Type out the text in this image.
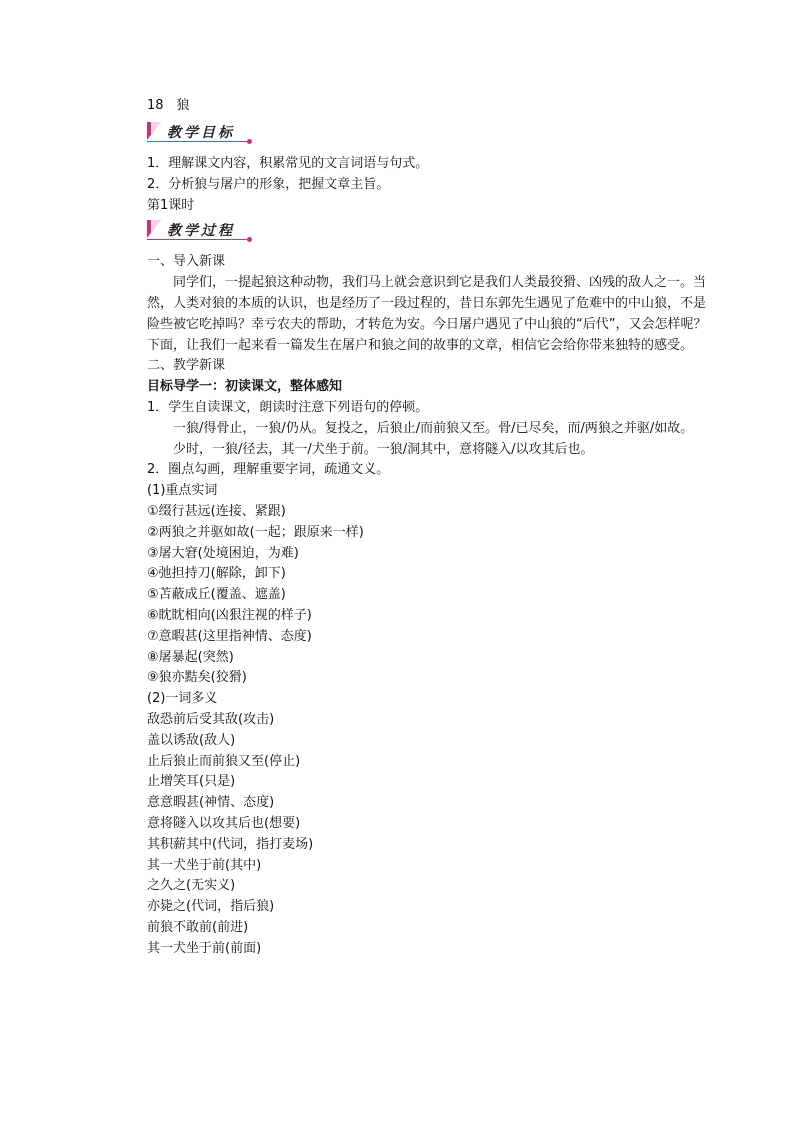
18　狼
教学目标
1．理解课文内容，积累常见的文言词语与句式。
2．分析狼与屠户的形象，把握文章主旨。
第1课时
教学过程
一、导入新课
同学们，一提起狼这种动物，我们马上就会意识到它是我们人类最狡猾、凶残的敌人之一。当然，人类对狼的本质的认识，也是经历了一段过程的，昔日东郭先生遇见了危难中的中山狼，不是险些被它吃掉吗？幸亏农夫的帮助，才转危为安。今日屠户遇见了中山狼的“后代”，又会怎样呢？下面，让我们一起来看一篇发生在屠户和狼之间的故事的文章，相信它会给你带来独特的感受。
二、教学新课
目标导学一：初读课文，整体感知
1．学生自读课文，朗读时注意下列语句的停顿。
一狼/得骨止，一狼/仍从。复投之，后狼止/而前狼又至。骨/已尽矣，而/两狼之并驱/如故。
少时，一狼/径去，其一/犬坐于前。一狼/洞其中，意将隧入/以攻其后也。
2．圈点勾画，理解重要字词，疏通文义。
(1)重点实词
①缀行甚远(连接、紧跟)
②两狼之并驱如故(一起；跟原来一样)
③屠大窘(处境困迫，为难)
④弛担持刀(解除，卸下)
⑤苫蔽成丘(覆盖、遮盖)
⑥眈眈相向(凶狠注视的样子)
⑦意暇甚(这里指神情、态度)
⑧屠暴起(突然)
⑨狼亦黠矣(狡猾)
(2)一词多义
敌恐前后受其敌(攻击)
盖以诱敌(敌人)
止后狼止而前狼又至(停止)
止增笑耳(只是)
意意暇甚(神情、态度)
意将隧入以攻其后也(想要)
其积薪其中(代词，指打麦场)
其一犬坐于前(其中)
之久之(无实义)
亦毙之(代词，指后狼)
前狼不敢前(前进)
其一犬坐于前(前面)
